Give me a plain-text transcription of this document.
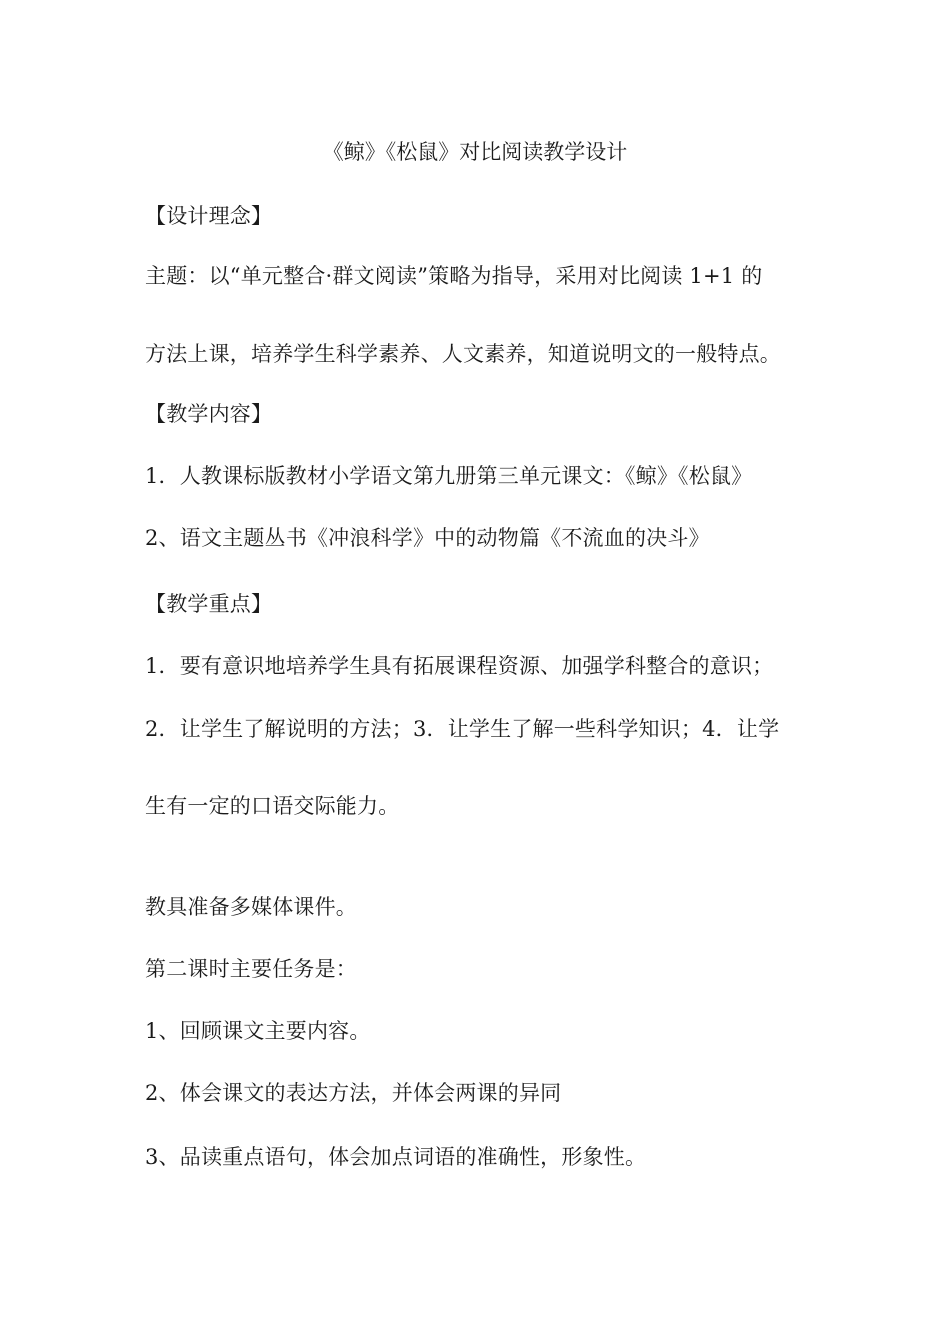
《鲸》《松鼠》对比阅读教学设计
【设计理念】
主题：以“单元整合·群文阅读”策略为指导，采用对比阅读 1+1 的
方法上课，培养学生科学素养、人文素养，知道说明文的一般特点。
【教学内容】
1．人教课标版教材小学语文第九册第三单元课文：《鲸》《松鼠》
2、语文主题丛书《冲浪科学》中的动物篇《不流血的决斗》
【教学重点】
1．要有意识地培养学生具有拓展课程资源、加强学科整合的意识；
2．让学生了解说明的方法；3．让学生了解一些科学知识；4．让学
生有一定的口语交际能力。
教具准备多媒体课件。
第二课时主要任务是：
1、回顾课文主要内容。
2、体会课文的表达方法，并体会两课的异同
3、品读重点语句，体会加点词语的准确性，形象性。
